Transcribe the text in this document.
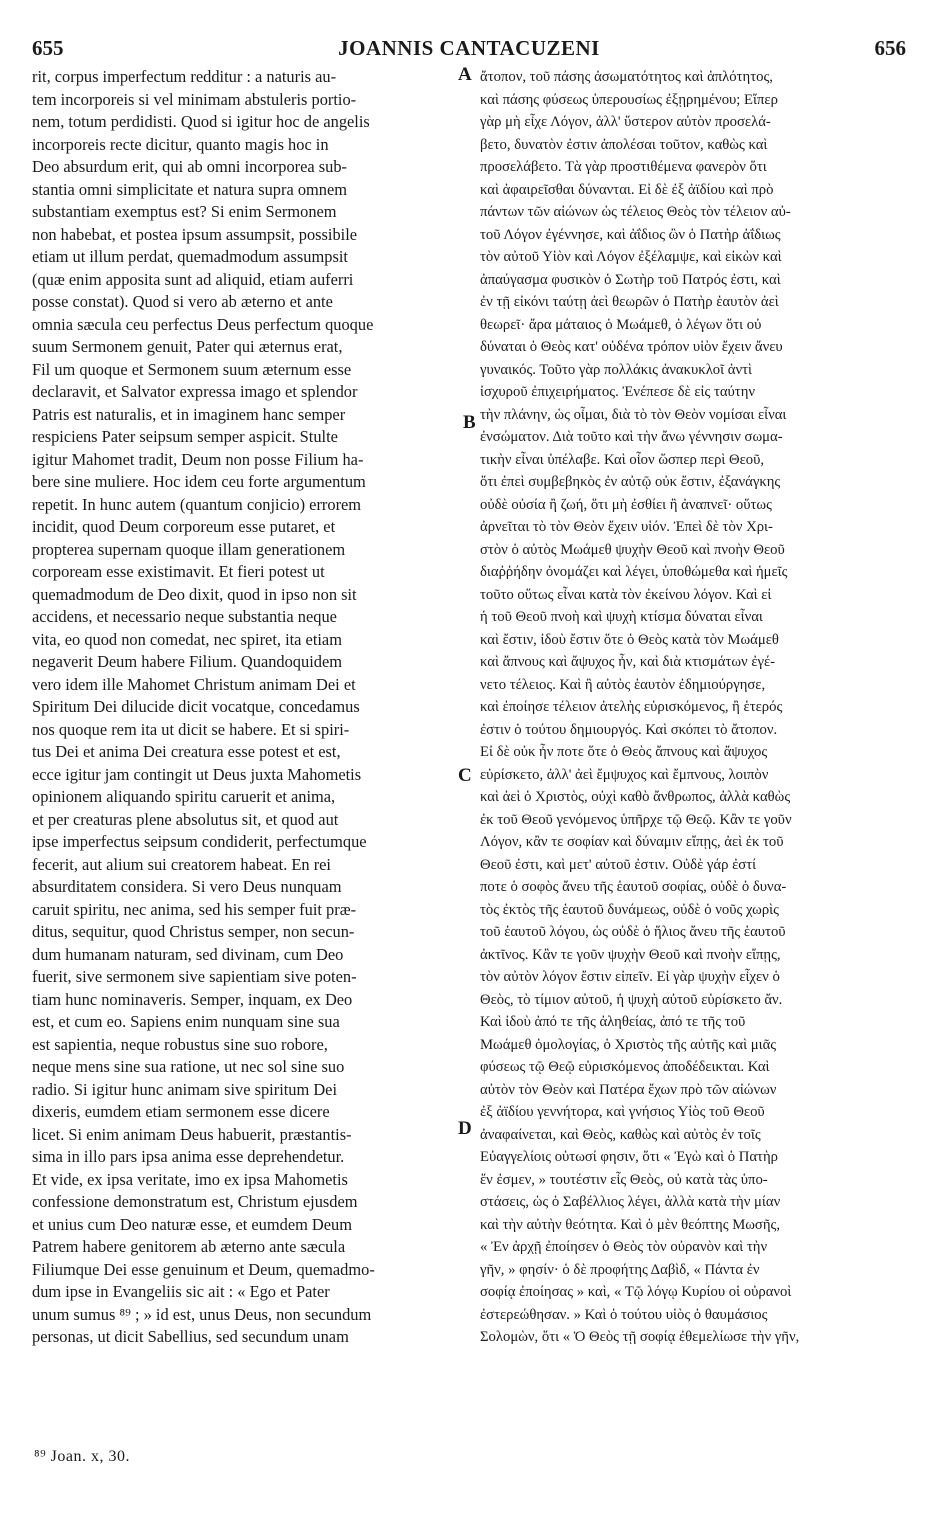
655	JOANNIS CANTACUZENI	656
rit, corpus imperfectum redditur : a naturis au-
tem incorporeis si vel minimam abstuleris portio-
nem, totum perdidisti. Quod si igitur hoc de angelis
incorporeis recte dicitur, quanto magis hoc in
Deo absurdum erit, qui ab omni incorporea sub-
stantia omni simplicitate et natura supra omnem
substantiam exemptus est? Si enim Sermonem
non habebat, et postea ipsum assumpsit, possibile
etiam ut illum perdat, quemadmodum assumpsit
(quæ enim apposita sunt ad aliquid, etiam auferri
posse constat). Quod si vero ab æterno et ante
omnia sæcula ceu perfectus Deus perfectum quoque
suum Sermonem genuit, Pater qui æternus erat,
Fil um quoque et Sermonem suum æternum esse
declaravit, et Salvator expressa imago et splendor
Patris est naturalis, et in imaginem hanc semper
respiciens Pater seipsum semper aspicit. Stulte
igitur Mahomet tradit, Deum non posse Filium ha-
bere sine muliere. Hoc idem ceu forte argumentum
repetit. In hunc autem (quantum conjicio) errorem
incidit, quod Deum corporeum esse putaret, et
propterea supernam quoque illam generationem
corpoream esse existimavit. Et fieri potest ut
quemadmodum de Deo dixit, quod in ipso non sit
accidens, et necessario neque substantia neque
vita, eo quod non comedat, nec spiret, ita etiam
negaverit Deum habere Filium. Quandoquidem
vero idem ille Mahomet Christum animam Dei et
Spiritum Dei dilucide dicit vocatque, concedamus
nos quoque rem ita ut dicit se habere. Et si spiri-
tus Dei et anima Dei creatura esse potest et est,
ecce igitur jam contingit ut Deus juxta Mahometis
opinionem aliquando spiritu caruerit et anima,
et per creaturas plene absolutus sit, et quod aut
ipse imperfectus seipsum condiderit, perfectumque
fecerit, aut alium sui creatorem habeat. En rei
absurditatem considera. Si vero Deus nunquam
caruit spiritu, nec anima, sed his semper fuit præ-
ditus, sequitur, quod Christus semper, non secun-
dum humanam naturam, sed divinam, cum Deo
fuerit, sive sermonem sive sapientiam sive poten-
tiam hunc nominaveris. Semper, inquam, ex Deo
est, et cum eo. Sapiens enim nunquam sine sua
est sapientia, neque robustus sine suo robore,
neque mens sine sua ratione, ut nec sol sine suo
radio. Si igitur hunc animam sive spiritum Dei
dixeris, eumdem etiam sermonem esse dicere
licet. Si enim animam Deus habuerit, præstantis-
sima in illo pars ipsa anima esse deprehendetur.
Et vide, ex ipsa veritate, imo ex ipsa Mahometis
confessione demonstratum est, Christum ejusdem
et unius cum Deo naturæ esse, et eumdem Deum
Patrem habere genitorem ab æterno ante sæcula
Filiumque Dei esse genuinum et Deum, quemadmo-
dum ipse in Evangeliis sic ait : « Ego et Pater
unum sumus ⁸⁹ ; » id est, unus Deus, non secundum
personas, ut dicit Sabellius, sed secundum unam
ἄτοπον, τοῦ πάσης ἀσωματότητος καὶ ἁπλότητος,
καὶ πάσης φύσεως ὑπερουσίως ἐξῃρημένου; Εἴπερ
γὰρ μὴ εἶχε Λόγον, ἀλλ' ὕστερον αὐτὸν προσελά-
βετο, δυνατὸν ἐστιν ἀπολέσαι τοῦτον, καθὼς καὶ
προσελάβετο. Τὰ γὰρ προστιθέμενα φανερὸν ὅτι
καὶ ἀφαιρεῖσθαι δύνανται. Εἰ δὲ ἐξ ἀϊδίου καὶ πρὸ
πάντων τῶν αἰώνων ὡς τέλειος Θεὸς τὸν τέλειον αὐ-
τοῦ Λόγον ἐγέννησε, καὶ ἀΐδιος ὢν ὁ Πατὴρ ἀΐδιως
τὸν αὐτοῦ Υἱὸν καὶ Λόγον ἐξέλαμψε, καὶ εἰκὼν καὶ
ἀπαύγασμα φυσικὸν ὁ Σωτὴρ τοῦ Πατρός ἐστι, καὶ
ἐν τῇ εἰκόνι ταύτῃ ἀεὶ θεωρῶν ὁ Πατὴρ ἑαυτὸν ἀεὶ
θεωρεῖ· ἄρα μάταιος ὁ Μωάμεθ, ὁ λέγων ὅτι οὐ
δύναται ὁ Θεὸς κατ' οὐδένα τρόπον υἱὸν ἔχειν ἄνευ
γυναικός. Τοῦτο γὰρ πολλάκις ἀνακυκλοῖ ἀντὶ
ἰσχυροῦ ἐπιχειρήματος. Ἐνέπεσε δὲ εἰς ταύτην
τὴν πλάνην, ὡς οἶμαι, διὰ τὸ τὸν Θεὸν νομίσαι εἶναι
ἐνσώματον. Διὰ τοῦτο καὶ τὴν ἄνω γέννησιν σωμα-
τικὴν εἶναι ὑπέλαβε. Καὶ οἷον ὥσπερ περὶ Θεοῦ,
ὅτι ἐπεὶ συμβεβηκὸς ἐν αὐτῷ οὐκ ἔστιν, ἐξανάγκης
οὐδὲ οὐσία ἢ ζωή, ὅτι μὴ ἐσθίει ἢ ἀναπνεῖ· οὕτως
ἀρνεῖται τὸ τὸν Θεὸν ἔχειν υἱόν. Ἐπεὶ δὲ τὸν Χρι-
στὸν ὁ αὐτὸς Μωάμεθ ψυχὴν Θεοῦ καὶ πνοὴν Θεοῦ
διαῤῥήδην ὀνομάζει καὶ λέγει, ὑποθώμεθα καὶ ἡμεῖς
τοῦτο οὕτως εἶναι κατὰ τὸν ἐκείνου λόγον. Καὶ εἰ
ἡ τοῦ Θεοῦ πνοὴ καὶ ψυχὴ κτίσμα δύναται εἶναι
καὶ ἔστιν, ἰδοὺ ἔστιν ὅτε ὁ Θεὸς κατὰ τὸν Μωάμεθ
καὶ ἄπνους καὶ ἄψυχος ἦν, καὶ διὰ κτισμάτων ἐγέ-
νετο τέλειος. Καὶ ἢ αὐτὸς ἑαυτὸν ἐδημιούργησε,
καὶ ἐποίησε τέλειον ἀτελὴς εὑρισκόμενος, ἢ ἑτερός
ἐστιν ὁ τούτου δημιουργός. Καὶ σκόπει τὸ ἄτοπον.
Εἰ δὲ οὐκ ἦν ποτε ὅτε ὁ Θεὸς ἄπνους καὶ ἄψυχος
εὑρίσκετο, ἀλλ' ἀεὶ ἔμψυχος καὶ ἔμπνους, λοιπὸν
καὶ ἀεὶ ὁ Χριστὸς, οὐχὶ καθὸ ἄνθρωπος, ἀλλὰ καθὼς
ἐκ τοῦ Θεοῦ γενόμενος ὑπῆρχε τῷ Θεῷ. Κἂν τε γοῦν
Λόγον, κἂν τε σοφίαν καὶ δύναμιν εἴπῃς, ἀεὶ ἐκ τοῦ
Θεοῦ ἐστι, καὶ μετ' αὐτοῦ ἐστιν. Οὐδὲ γάρ ἐστί
ποτε ὁ σοφὸς ἄνευ τῆς ἑαυτοῦ σοφίας, οὐδὲ ὁ δυνα-
τὸς ἐκτὸς τῆς ἑαυτοῦ δυνάμεως, οὐδὲ ὁ νοῦς χωρὶς
τοῦ ἑαυτοῦ λόγου, ὡς οὐδὲ ὁ ἥλιος ἄνευ τῆς ἑαυτοῦ
ἀκτῖνος. Κἂν τε γοῦν ψυχὴν Θεοῦ καὶ πνοὴν εἴπῃς,
τὸν αὐτὸν λόγον ἔστιν εἰπεῖν. Εἰ γὰρ ψυχὴν εἶχεν ὁ
Θεὸς, τὸ τίμιον αὐτοῦ, ἡ ψυχὴ αὐτοῦ εὑρίσκετο ἄν.
Καὶ ἰδοὺ ἀπό τε τῆς ἀληθείας, ἀπό τε τῆς τοῦ
Μωάμεθ ὁμολογίας, ὁ Χριστὸς τῆς αὐτῆς καὶ μιᾶς
φύσεως τῷ Θεῷ εὑρισκόμενος ἀποδέδεικται. Καὶ
αὐτὸν τὸν Θεὸν καὶ Πατέρα ἔχων πρὸ τῶν αἰώνων
ἐξ ἀϊδίου γεννήτορα, καὶ γνήσιος Υἱὸς τοῦ Θεοῦ
ἀναφαίνεται, καὶ Θεὸς, καθὼς καὶ αὐτὸς ἐν τοῖς
Εὐαγγελίοις οὑτωσί φησιν, ὅτι « Ἐγὼ καὶ ὁ Πατὴρ
ἕν ἐσμεν, » τουτέστιν εἷς Θεὸς, οὐ κατὰ τὰς ὑπο-
στάσεις, ὡς ὁ Σαβέλλιος λέγει, ἀλλὰ κατὰ τὴν μίαν
καὶ τὴν αὐτὴν θεότητα. Καὶ ὁ μὲν θεόπτης Μωσῆς,
« Ἐν ἀρχῇ ἐποίησεν ὁ Θεὸς τὸν οὐρανὸν καὶ τὴν
γῆν, » φησίν· ὁ δὲ προφήτης Δαβὶδ, « Πάντα ἐν
σοφίᾳ ἐποίησας » καὶ, « Τῷ λόγῳ Κυρίου οἱ οὐρανοὶ
ἐστερεώθησαν. » Καὶ ὁ τούτου υἱὸς ὁ θαυμάσιος
Σολομὼν, ὅτι « Ὁ Θεὸς τῇ σοφίᾳ ἐθεμελίωσε τὴν γῆν,
A
B
C
D
⁸⁹ Joan. x, 30.
